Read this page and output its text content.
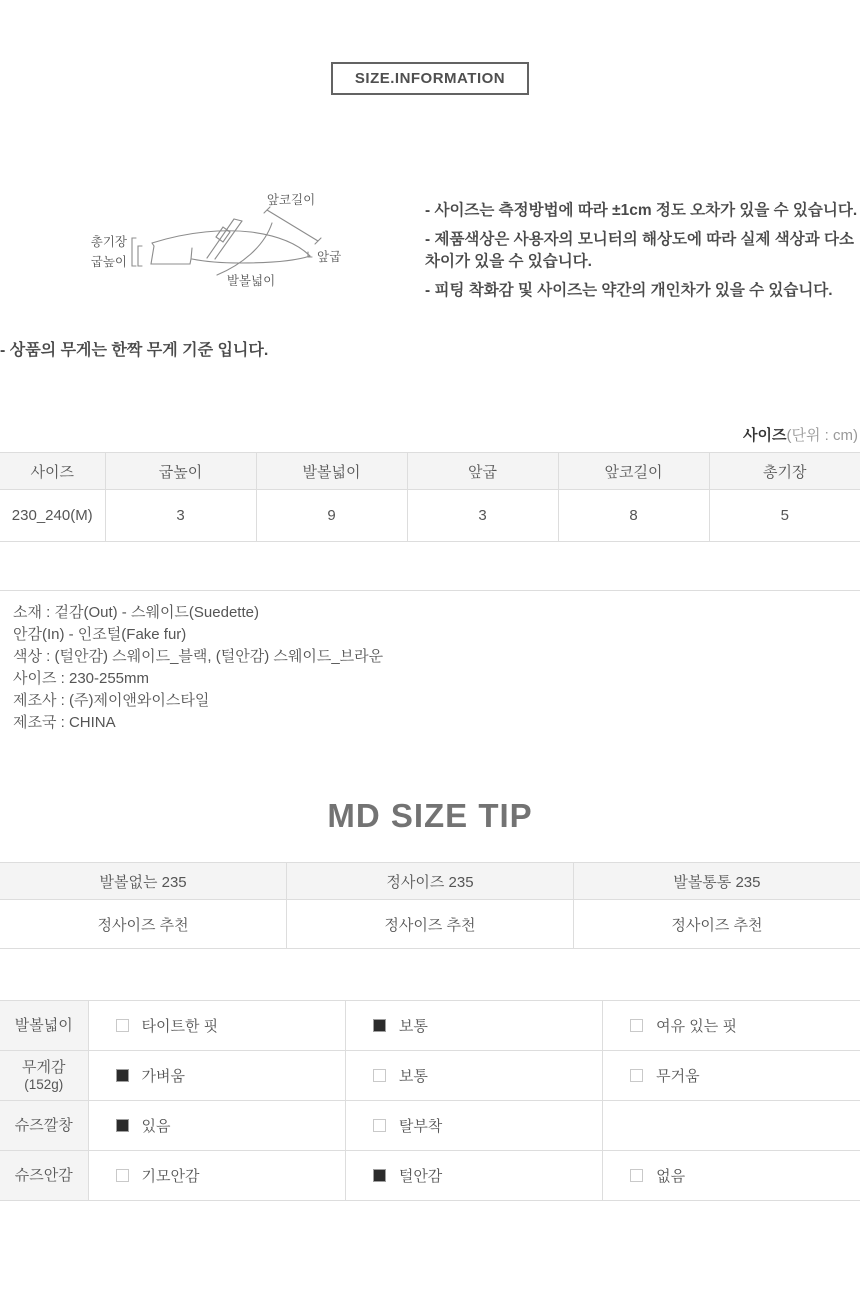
SIZE.INFORMATION
앞코길이
총기장
굽높이	앞굽
발볼넓이

- 사이즈는 측정방법에 따라 ±1cm 정도 오차가 있을 수 있습니다.

- 제품색상은 사용자의 모니터의 해상도에 따라 실제 색상과 다소 차이가 있을 수 있습니다.

- 피팅 착화감 및 사이즈는 약간의 개인차가 있을 수 있습니다.

- 상품의 무게는 한짝 무게 기준 입니다.

사이즈(단위 : cm)
사이즈	굽높이	발볼넓이	앞굽	앞코길이	총기장
230_240(M)	3	9	3	8	5

소재 : 겉감(Out) - 스웨이드(Suedette)

안감(In) - 인조털(Fake fur)

색상 : (털안감) 스웨이드_블랙, (털안감) 스웨이드_브라운

사이즈 : 230-255mm

제조사 : (주)제이앤와이스타일

제조국 : CHINA

MD SIZE TIP
발볼없는 235	정사이즈 235	발볼통통 235
정사이즈 추천	정사이즈 추천	정사이즈 추천
발볼넓이	타이트한 핏	보통	여유 있는 핏
무게감
(152g)	가벼움	보통	무거움
슈즈깔창	있음	탈부착	
슈즈안감	기모안감	털안감	없음
